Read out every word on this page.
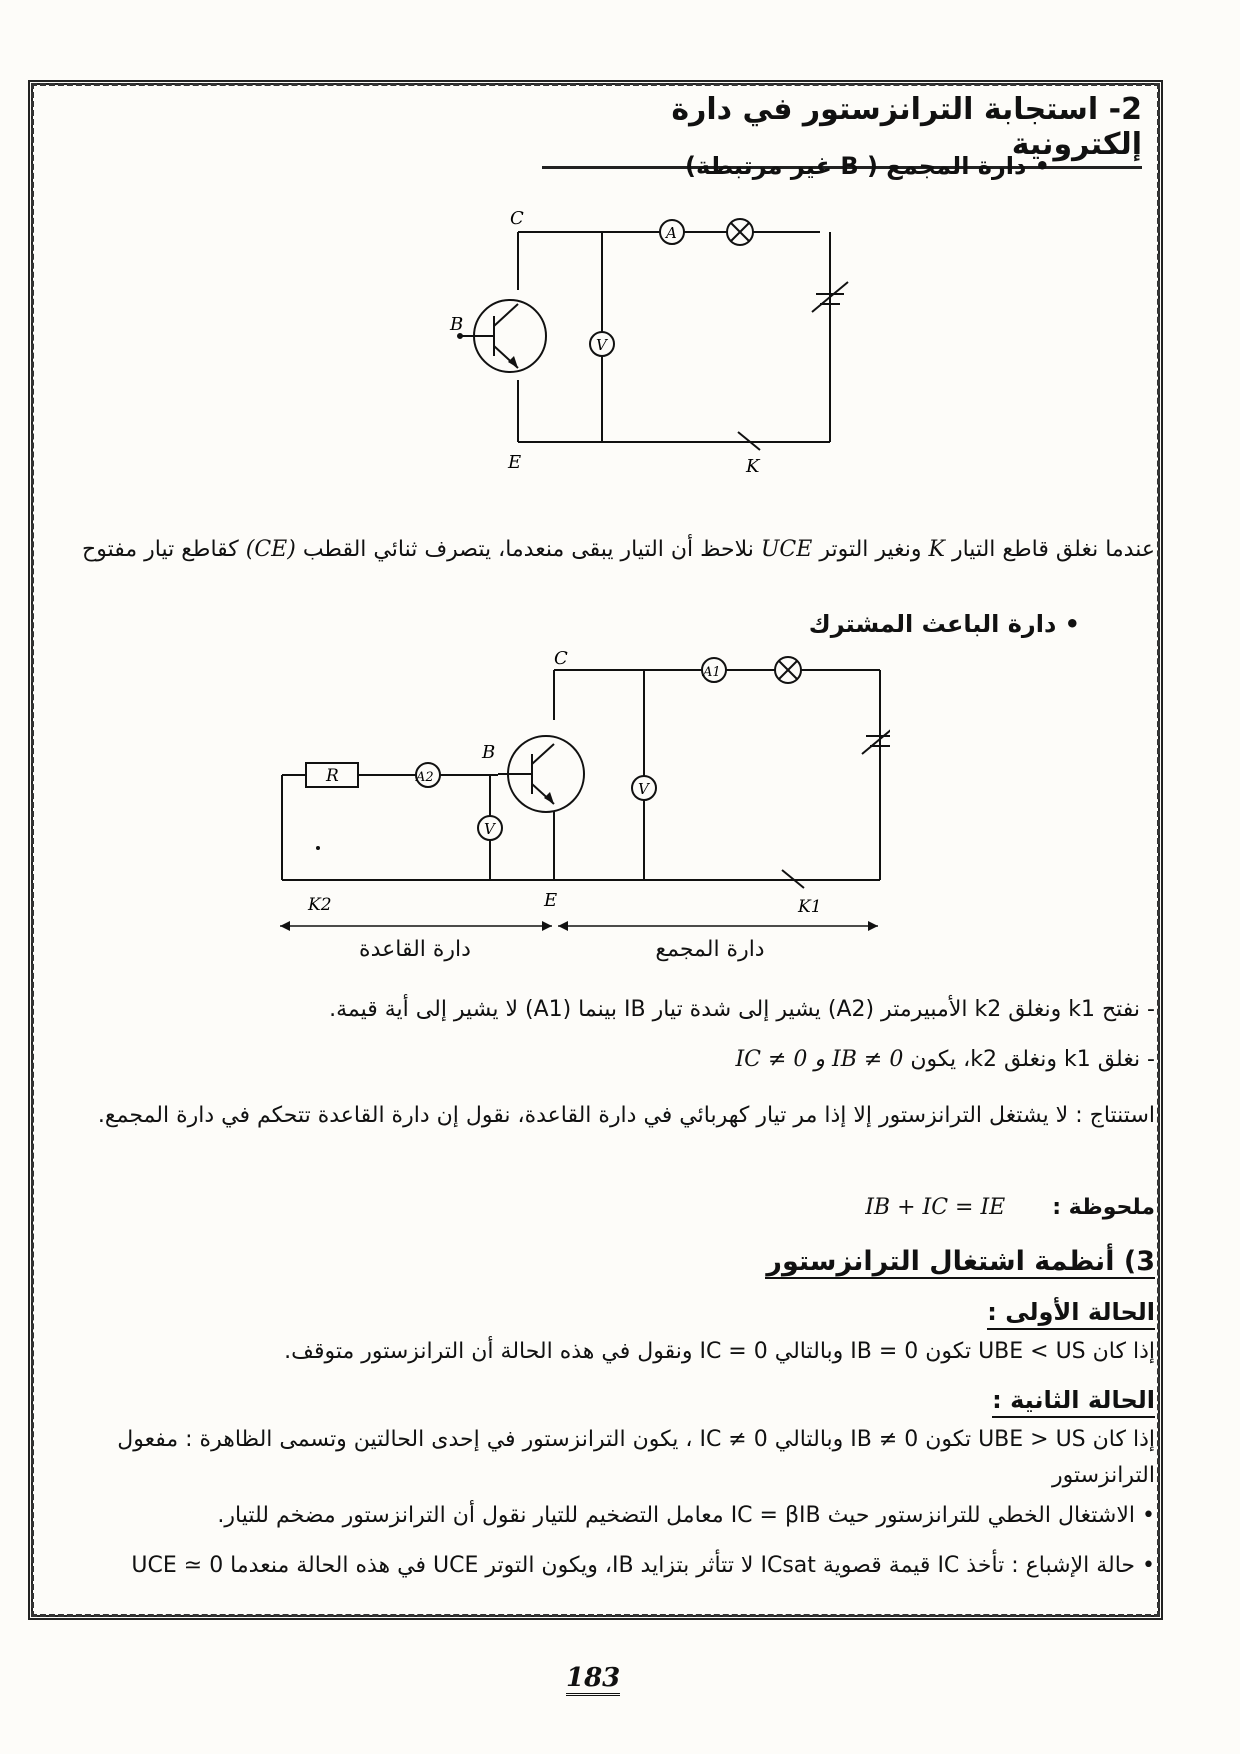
2- استجابة الترانزستور في دارة إلكترونية
• دارة المجمع ( B غير مرتبطة)
C
B
E	K
A
V
عندما نغلق قاطع التيار K ونغير التوتر UCE نلاحظ أن التيار يبقى منعدما، يتصرف ثنائي القطب (CE) كقاطع تيار مفتوح
• دارة الباعث المشترك
C
B
E
R	A2
A1
V
V
K2	K1
دارة القاعدة	دارة المجمع
- نفتح k1 ونغلق k2 الأمبيرمتر (A2) يشير إلى شدة تيار IB بينما (A1) لا يشير إلى أية قيمة.
- نغلق k1 ونغلق k2، يكون IC ≠ 0 و IB ≠ 0
استنتاج : لا يشتغل الترانزستور إلا إذا مر تيار كهربائي في دارة القاعدة، نقول إن دارة القاعدة تتحكم في دارة المجمع.
ملحوظة : IB + IC = IE
3) أنظمة اشتغال الترانزستور
الحالة الأولى :
إذا كان UBE < US تكون IB = 0 وبالتالي IC = 0 ونقول في هذه الحالة أن الترانزستور متوقف.
الحالة الثانية :
إذا كان UBE > US تكون IB ≠ 0 وبالتالي IC ≠ 0 ، يكون الترانزستور في إحدى الحالتين وتسمى الظاهرة : مفعول الترانزستور
• الاشتغال الخطي للترانزستور حيث IC = βIB معامل التضخيم للتيار نقول أن الترانزستور مضخم للتيار.
• حالة الإشباع : تأخذ IC قيمة قصوية ICsat لا تتأثر بتزايد IB، ويكون التوتر UCE في هذه الحالة منعدما UCE ≃ 0
183
